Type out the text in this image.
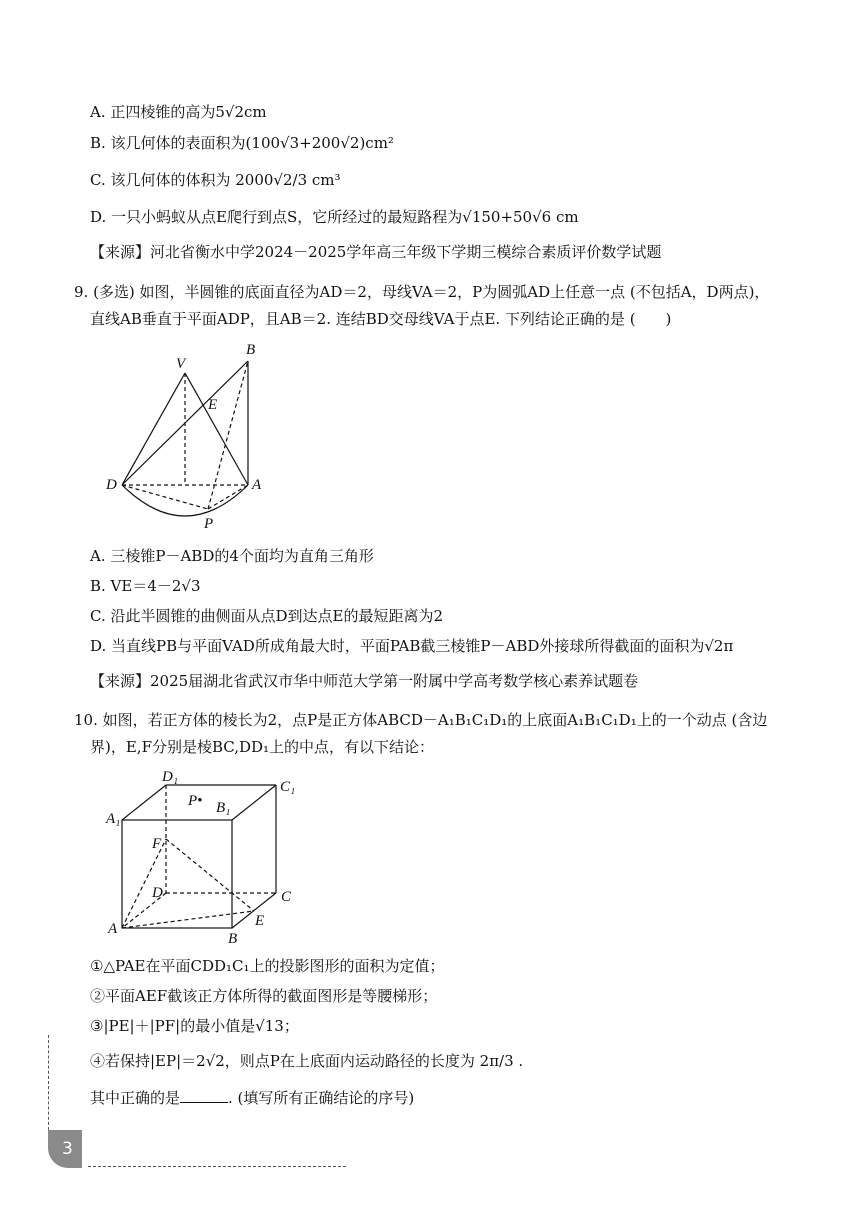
A. 正四棱锥的高为5√2cm
B. 该几何体的表面积为(100√3+200√2)cm²
C. 该几何体的体积为 2000√2/3 cm³
D. 一只小蚂蚁从点E爬行到点S，它所经过的最短路程为√150+50√6 cm
【来源】河北省衡水中学2024－2025学年高三年级下学期三模综合素质评价数学试题
9. (多选) 如图，半圆锥的底面直径为AD＝2，母线VA＝2，P为圆弧AD上任意一点 (不包括A，D两点)，
直线AB垂直于平面ADP，且AB＝2. 连结BD交母线VA于点E. 下列结论正确的是 (　　)
V
B
E
D	A
P
A. 三棱锥P－ABD的4个面均为直角三角形
B. VE＝4－2√3
C. 沿此半圆锥的曲侧面从点D到达点E的最短距离为2
D. 当直线PB与平面VAD所成角最大时，平面PAB截三棱锥P－ABD外接球所得截面的面积为√2π
【来源】2025届湖北省武汉市华中师范大学第一附属中学高考数学核心素养试题卷
10. 如图，若正方体的棱长为2，点P是正方体ABCD－A₁B₁C₁D₁的上底面A₁B₁C₁D₁上的一个动点 (含边
界)，E,F分别是棱BC,DD₁上的中点，有以下结论：
D₁
C₁
A₁
B₁
P•
F
D	C
A
B
E
①△PAE在平面CDD₁C₁上的投影图形的面积为定值；
②平面AEF截该正方体所得的截面图形是等腰梯形；
③|PE|＋|PF|的最小值是√13；
④若保持|EP|＝2√2，则点P在上底面内运动路径的长度为 2π/3 .
其中正确的是	. (填写所有正确结论的序号)
3
